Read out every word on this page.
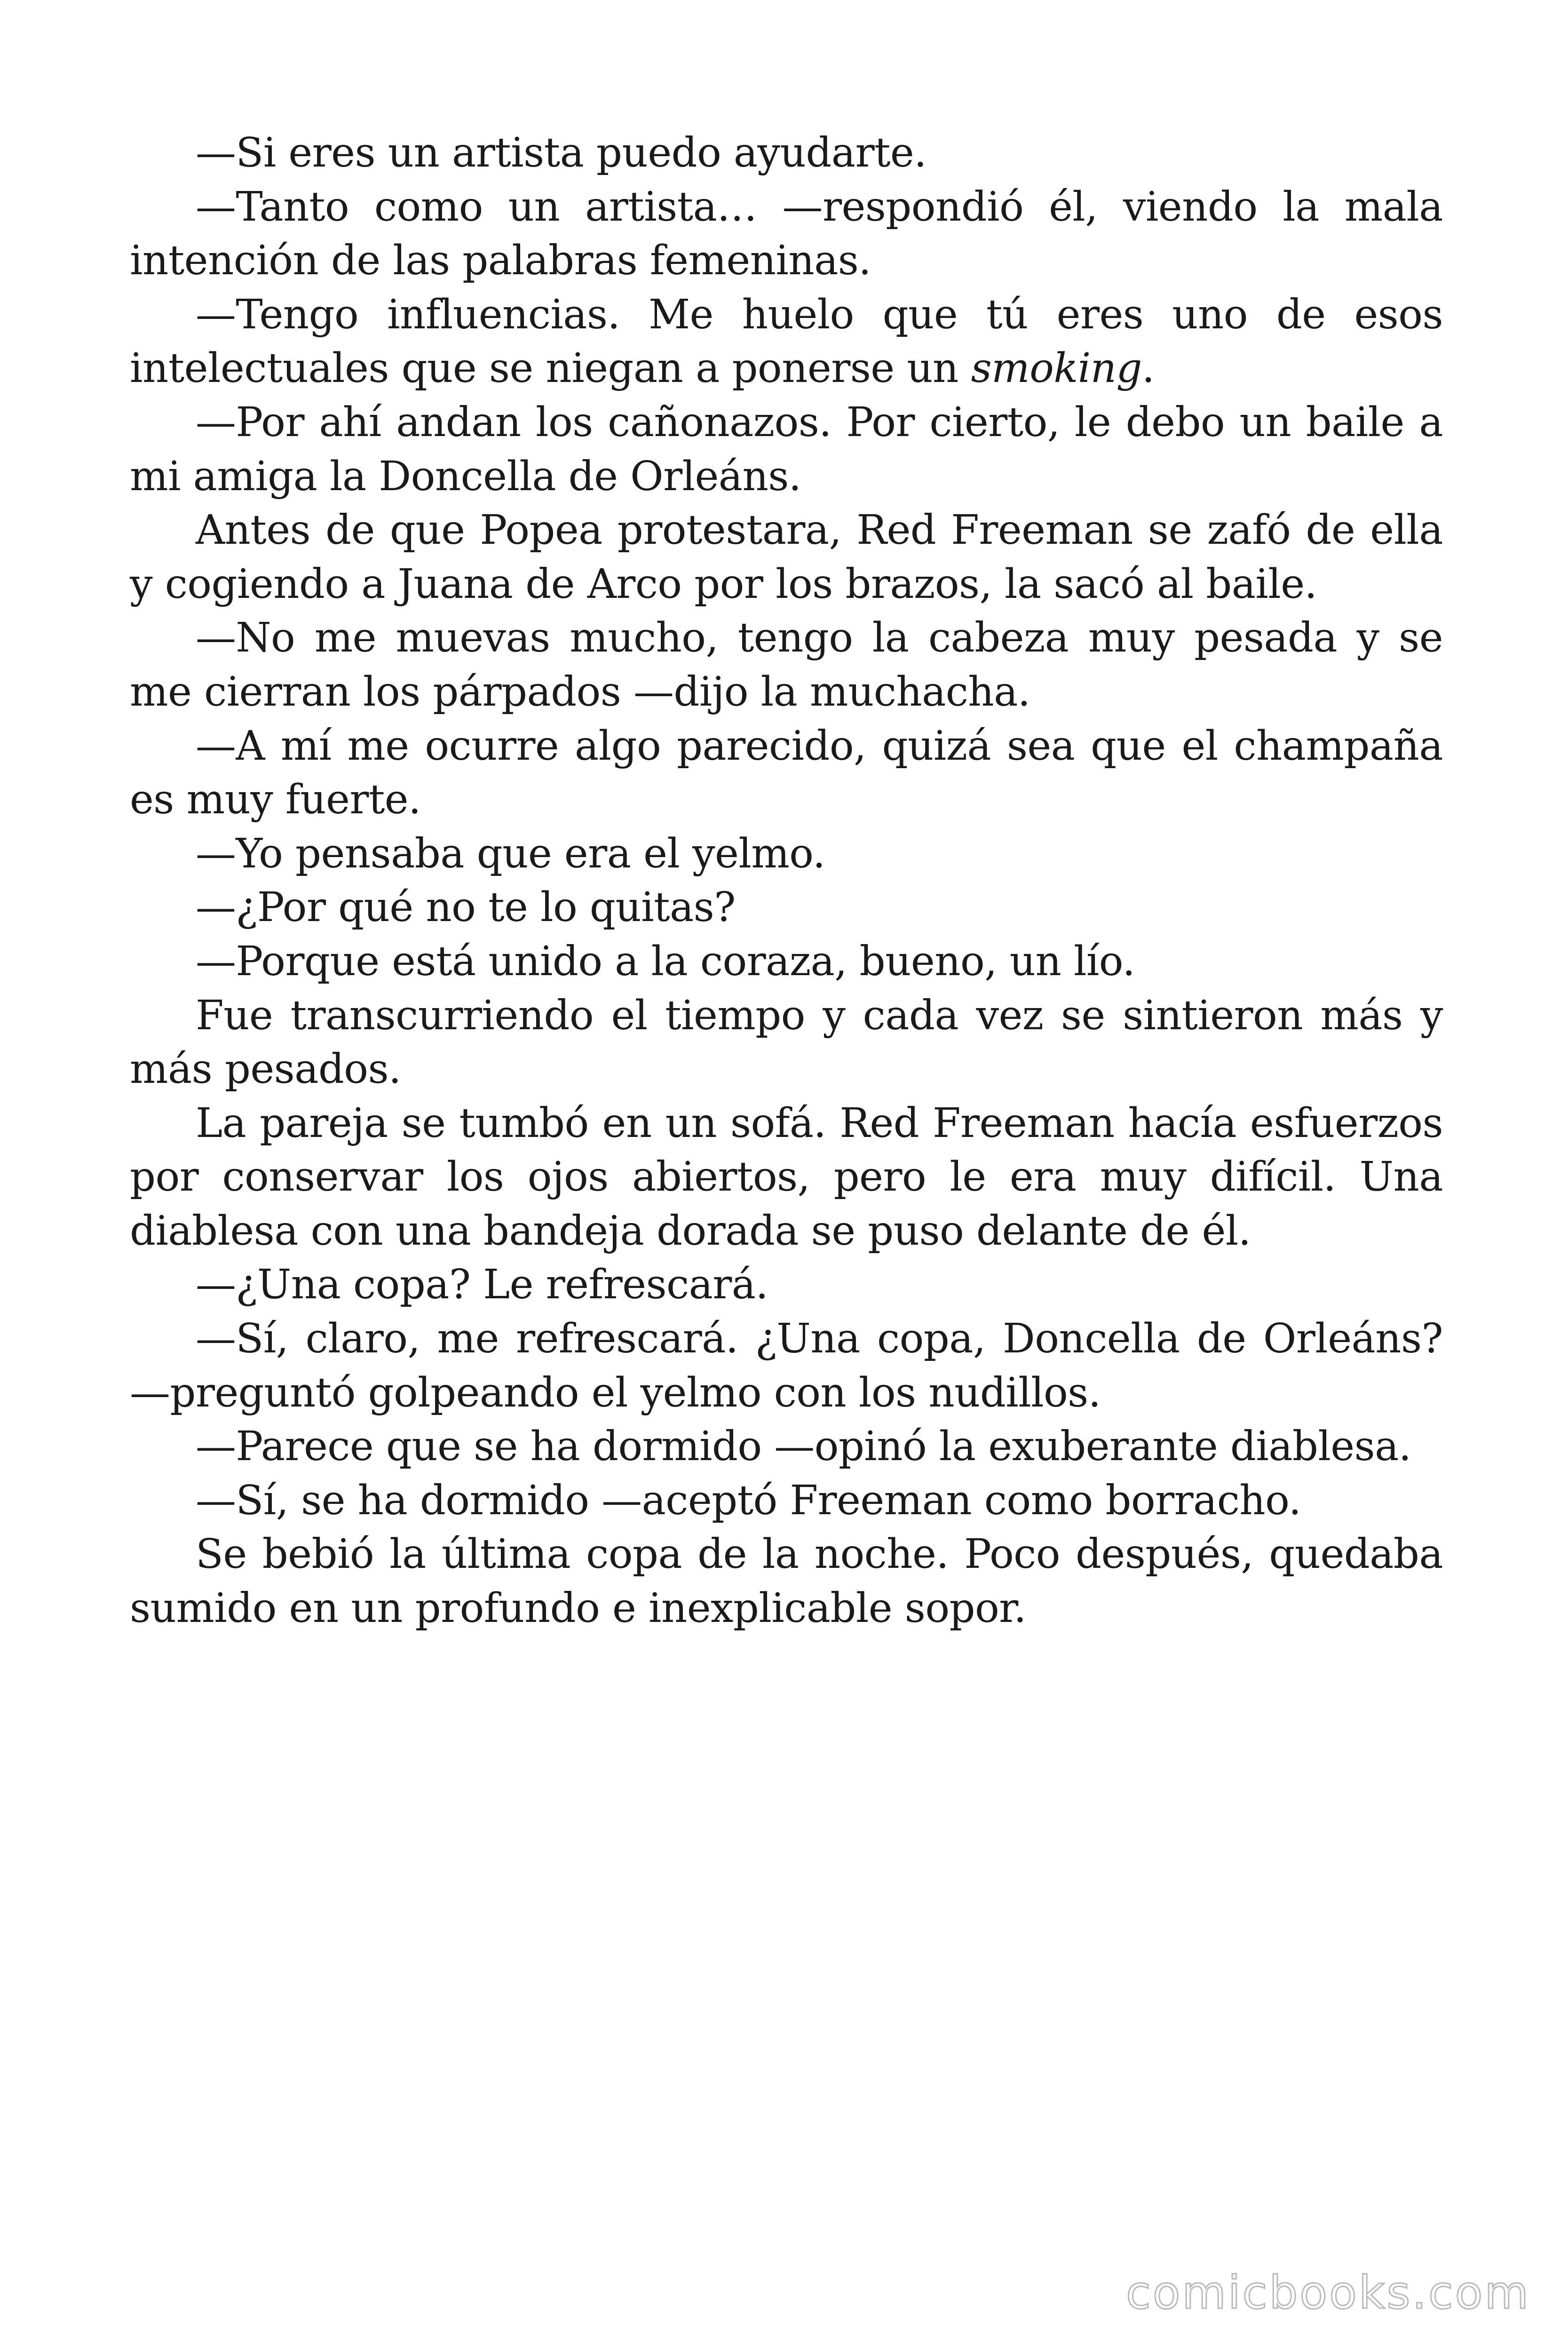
—Si eres un artista puedo ayudarte.

—Tanto como un artista… —respondió él, viendo la mala intención de las palabras femeninas.

—Tengo influencias. Me huelo que tú eres uno de esos intelectuales que se niegan a ponerse un smoking.

—Por ahí andan los cañonazos. Por cierto, le debo un baile a mi amiga la Doncella de Orleáns.

Antes de que Popea protestara, Red Freeman se zafó de ella y cogiendo a Juana de Arco por los brazos, la sacó al baile.

—No me muevas mucho, tengo la cabeza muy pesada y se me cierran los párpados —dijo la muchacha.

—A mí me ocurre algo parecido, quizá sea que el champaña es muy fuerte.

—Yo pensaba que era el yelmo.

—¿Por qué no te lo quitas?

—Porque está unido a la coraza, bueno, un lío.

Fue transcurriendo el tiempo y cada vez se sintieron más y más pesados.

La pareja se tumbó en un sofá. Red Freeman hacía esfuerzos por conservar los ojos abiertos, pero le era muy difícil. Una diablesa con una bandeja dorada se puso delante de él.

—¿Una copa? Le refrescará.

—Sí, claro, me refrescará. ¿Una copa, Doncella de Orleáns? —preguntó golpeando el yelmo con los nudillos.

—Parece que se ha dormido —opinó la exuberante diablesa.

—Sí, se ha dormido —aceptó Freeman como borracho.

Se bebió la última copa de la noche. Poco después, quedaba sumido en un profundo e inexplicable sopor.

comicbooks.com
